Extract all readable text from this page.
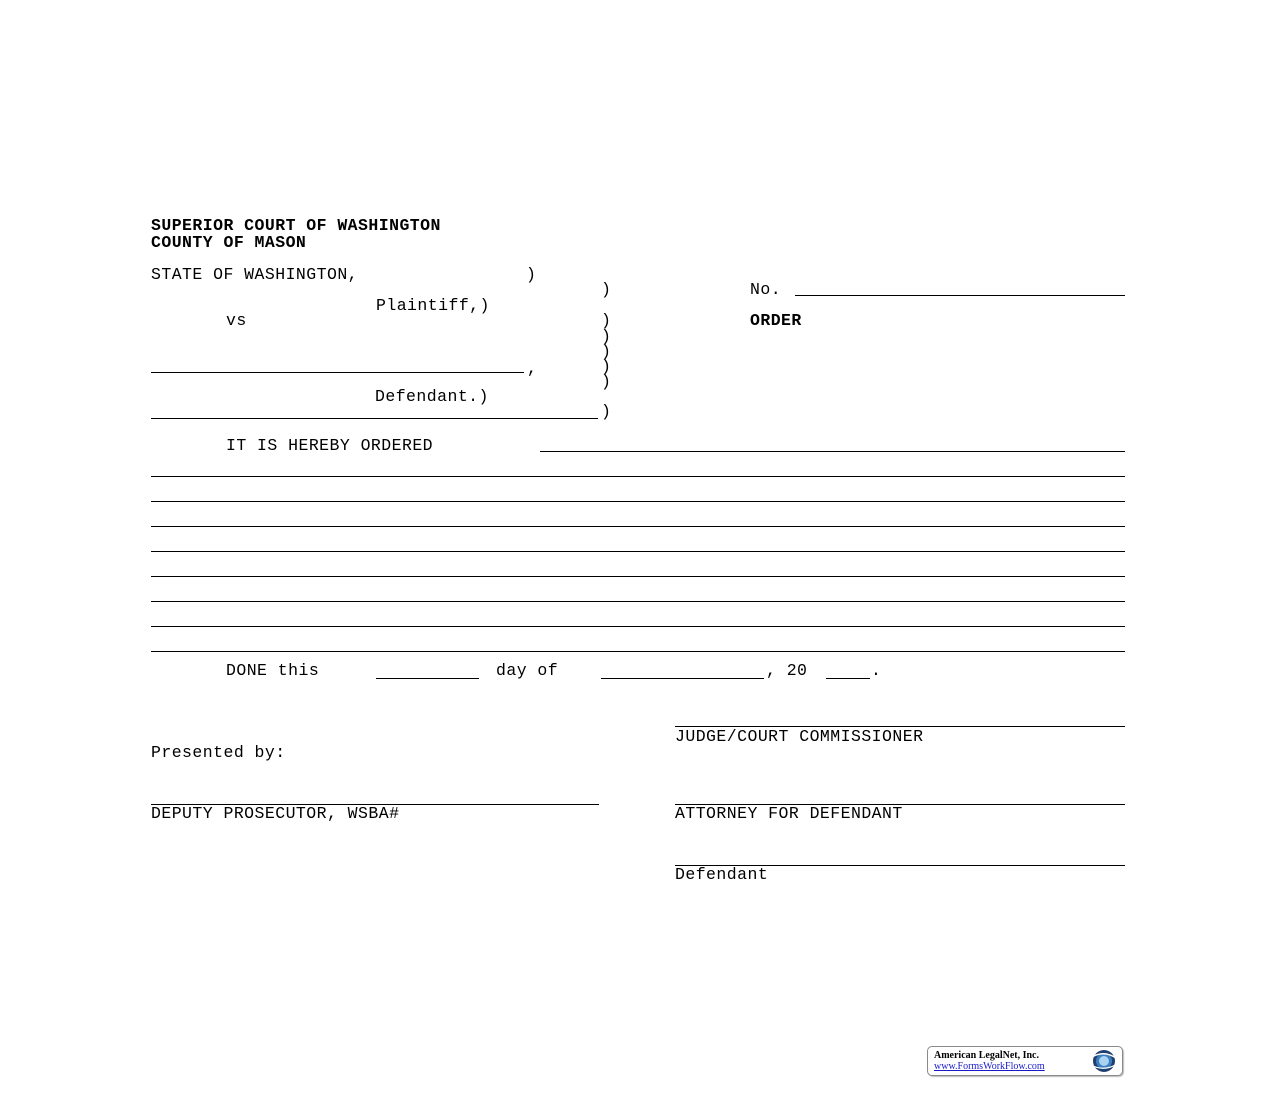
SUPERIOR COURT OF WASHINGTON
COUNTY OF MASON
STATE OF WASHINGTON,	)
Plaintiff,)
vs
,
Defendant.)
)
)
)
)
)
)
)
No.
ORDER
IT IS HEREBY ORDERED
DONE this	day of	, 20	.
JUDGE/COURT COMMISSIONER
Presented by:
DEPUTY PROSECUTOR, WSBA#	ATTORNEY FOR DEFENDANT
Defendant
American LegalNet, Inc.
www.FormsWorkFlow.com
